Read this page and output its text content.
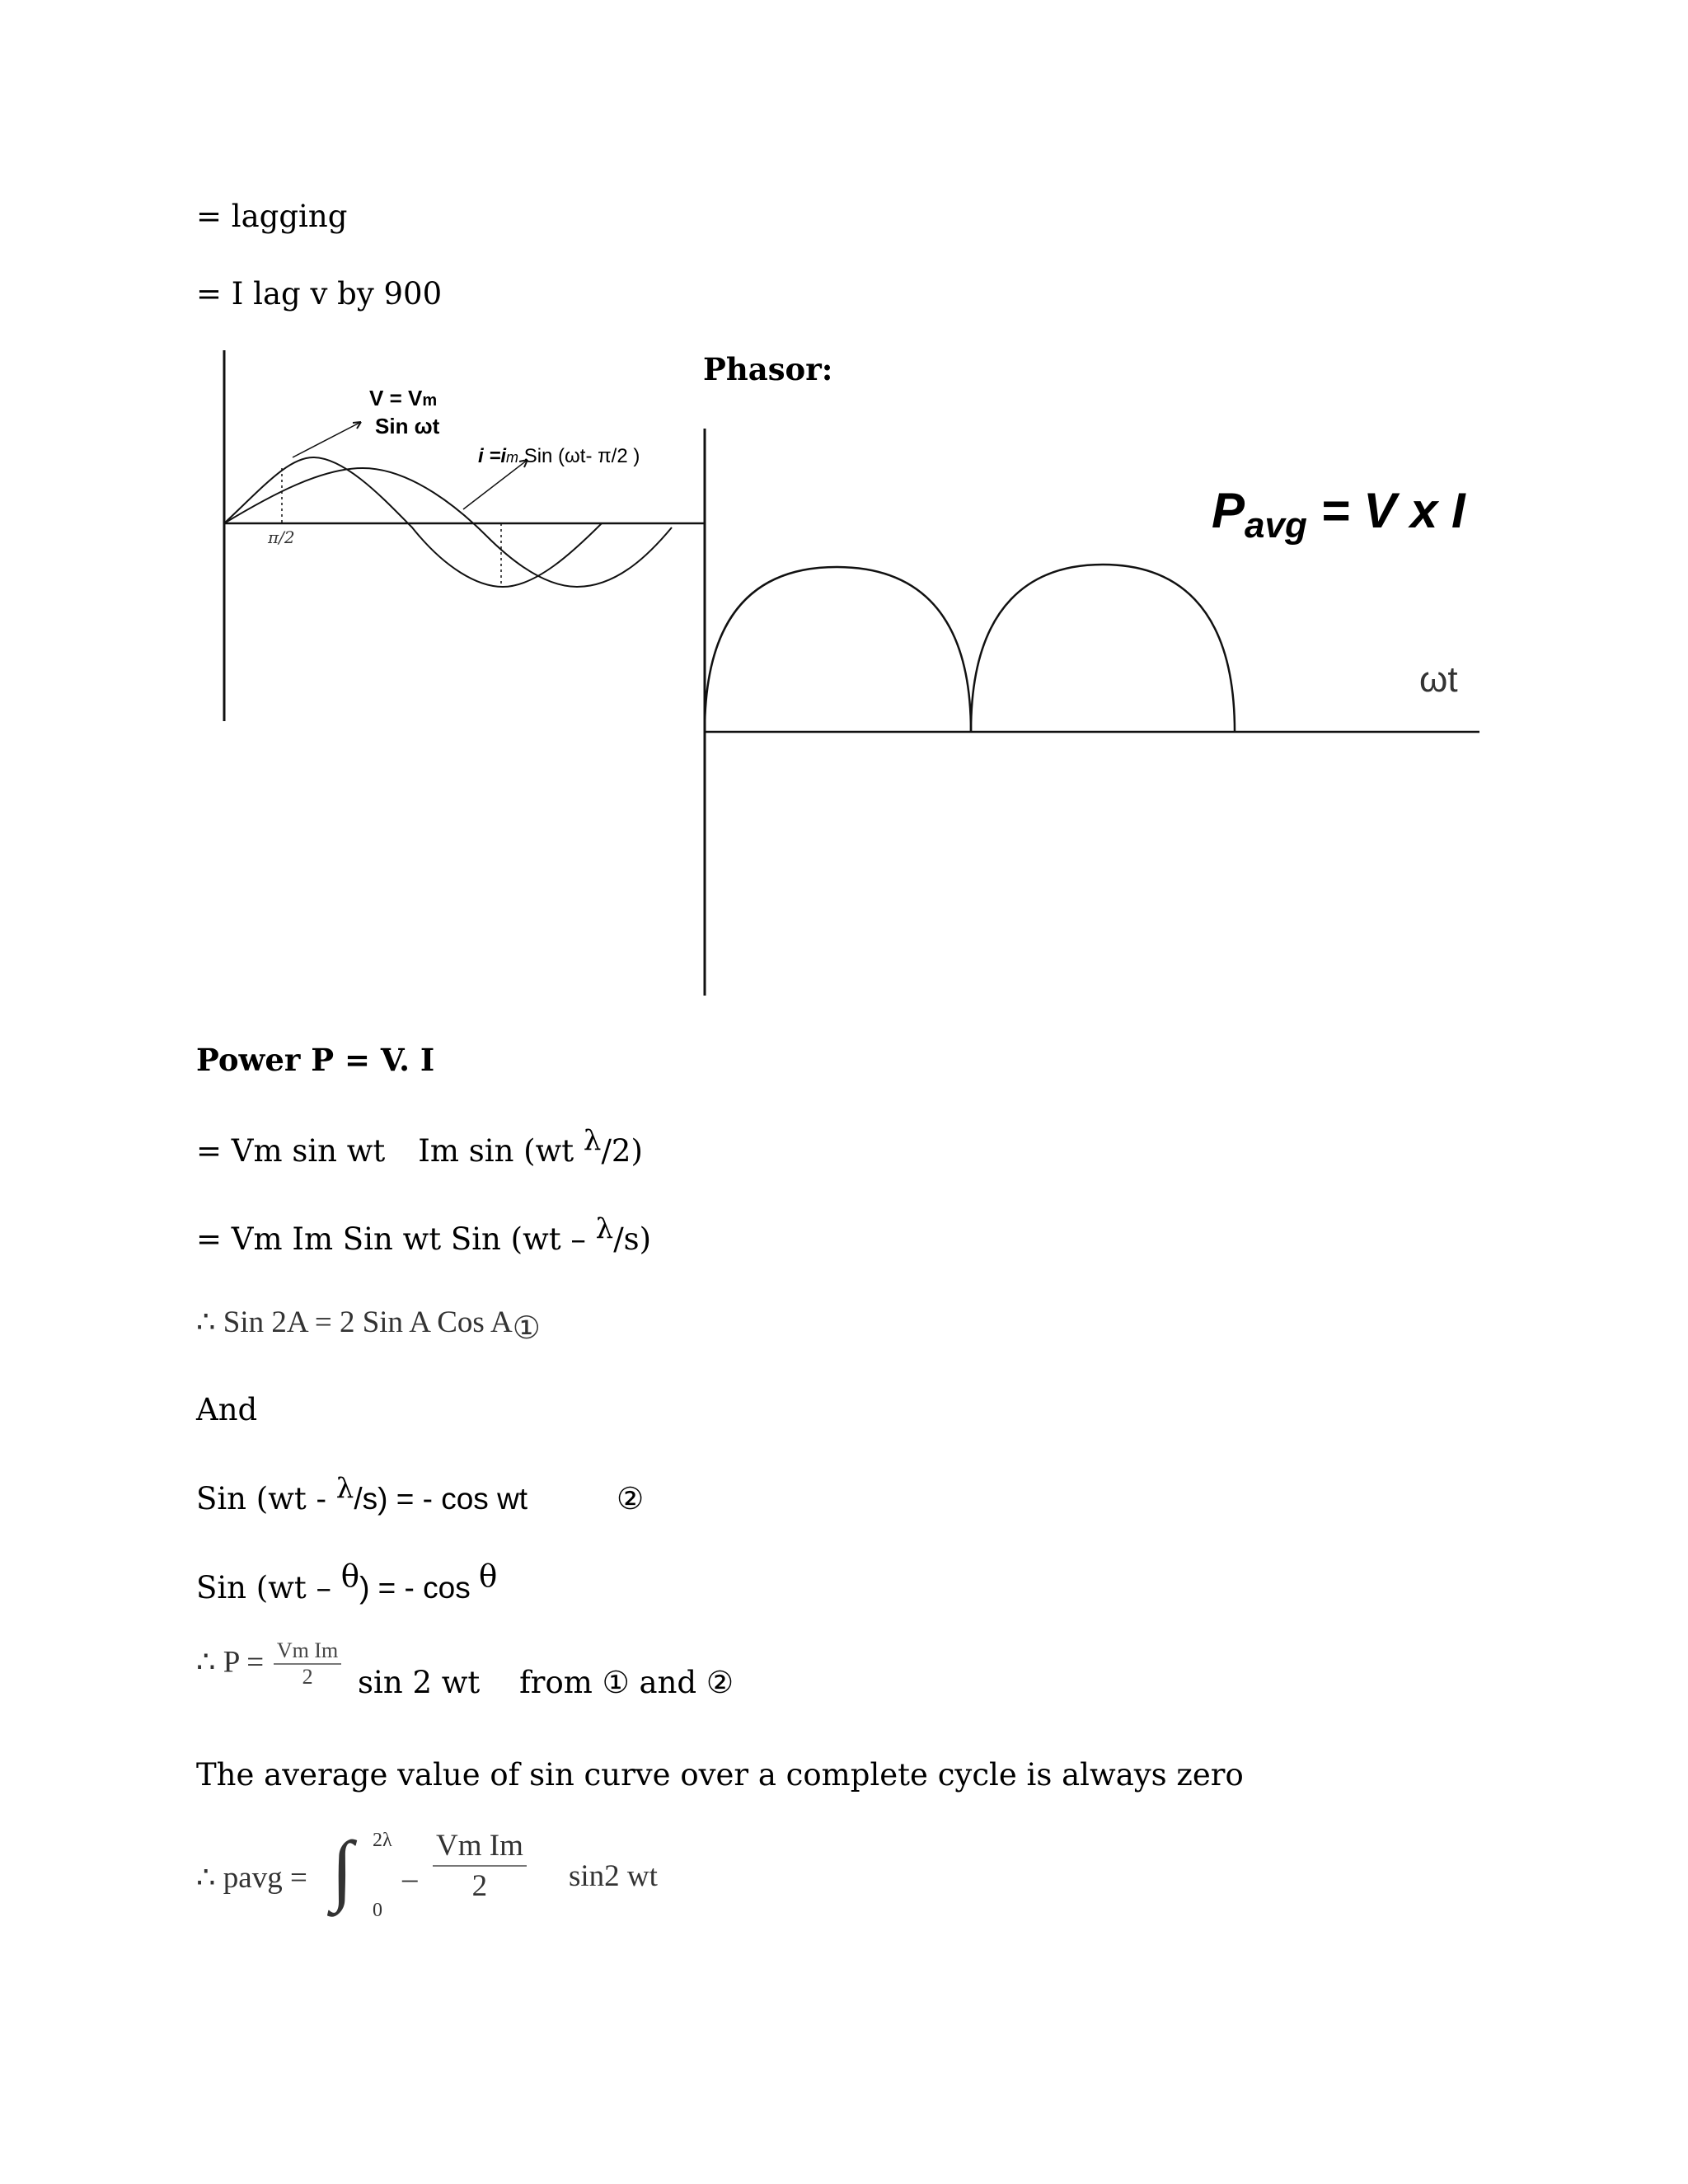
= lagging
= I lag v by 900
Phasor:
V = Vm
Sin ωt
i =im Sin (ωt- π/2 )
π/2	$P_{avg} = V$ x I
ωt
Power P = V. I
= Vm sin wt Im sin (wt λ/2)
= Vm Im Sin wt Sin (wt – λ/s)
∴ Sin 2A = 2 Sin A Cos A①
And
Sin (wt - λ/s) = - cos wt	②
Sin (wt – θ) = - cos θ
∴ $P = \frac{\text{Vm Im}}{2}$ sin 2 wt from ① and ②
The average value of sin curve over a complete cycle is always zero
∴ pavg = ∫ 2λ
0
– $\frac{\text{Vm Im}}{2} \sin 2$ wt
